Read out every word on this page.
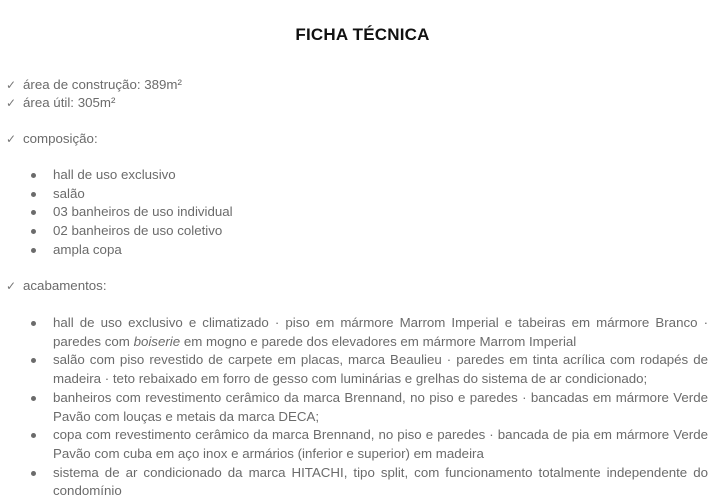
FICHA TÉCNICA
✓ área de construção: 389m²
✓ área útil: 305m²
✓ composição:
hall de uso exclusivo
salão
03 banheiros de uso individual
02 banheiros de uso coletivo
ampla copa
✓ acabamentos:
hall de uso exclusivo e climatizado · piso em mármore Marrom Imperial e tabeiras em mármore Branco · paredes com boiserie em mogno e parede dos elevadores em mármore Marrom Imperial
salão com piso revestido de carpete em placas, marca Beaulieu · paredes em tinta acrílica com rodapés de madeira · teto rebaixado em forro de gesso com luminárias e grelhas do sistema de ar condicionado;
banheiros com revestimento cerâmico da marca Brennand, no piso e paredes · bancadas em mármore Verde Pavão com louças e metais da marca DECA;
copa com revestimento cerâmico da marca Brennand, no piso e paredes · bancada de pia em mármore Verde Pavão com cuba em aço inox e armários (inferior e superior) em madeira
sistema de ar condicionado da marca HITACHI, tipo split, com funcionamento totalmente independente do condomínio
